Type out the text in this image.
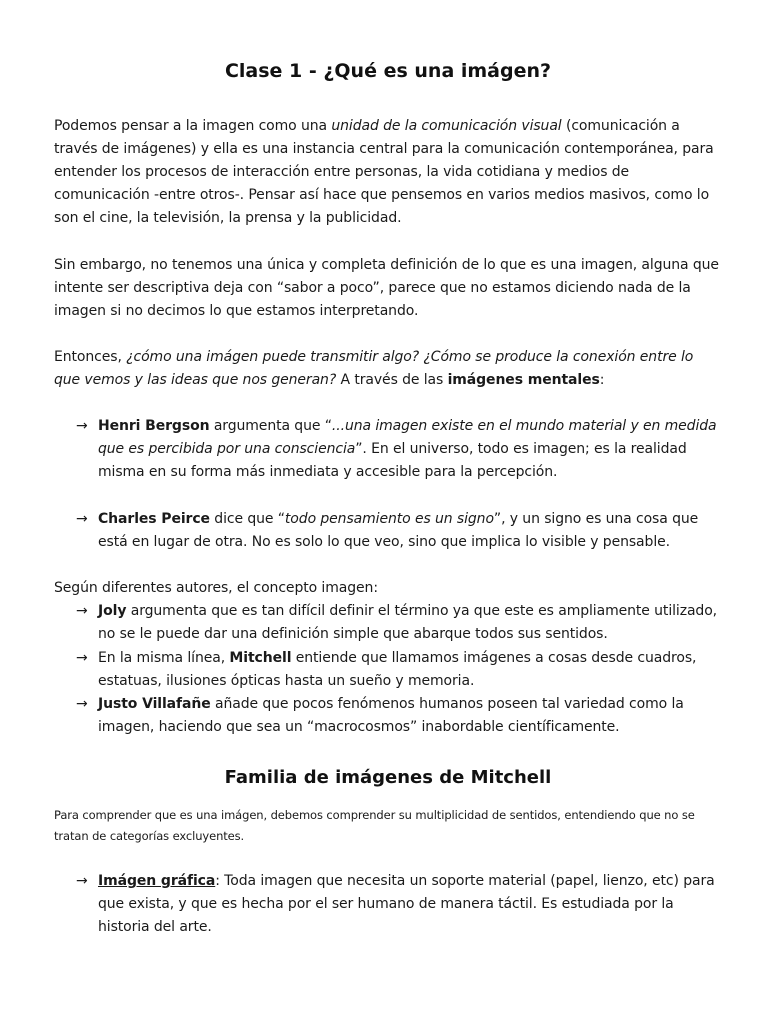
Clase 1 - ¿Qué es una imágen?

Podemos pensar a la imagen como una unidad de la comunicación visual (comunicación a través de imágenes) y ella es una instancia central para la comunicación contemporánea, para entender los procesos de interacción entre personas, la vida cotidiana y medios de comunicación -entre otros-. Pensar así hace que pensemos en varios medios masivos, como lo son el cine, la televisión, la prensa y la publicidad.

Sin embargo, no tenemos una única y completa definición de lo que es una imagen, alguna que intente ser descriptiva deja con “sabor a poco”, parece que no estamos diciendo nada de la imagen si no decimos lo que estamos interpretando.

Entonces, ¿cómo una imágen puede transmitir algo? ¿Cómo se produce la conexión entre lo que vemos y las ideas que nos generan? A través de las imágenes mentales:

→ Henri Bergson argumenta que “...una imagen existe en el mundo material y en medida que es percibida por una consciencia”. En el universo, todo es imagen; es la realidad misma en su forma más inmediata y accesible para la percepción.
→ Charles Peirce dice que “todo pensamiento es un signo”, y un signo es una cosa que está en lugar de otra. No es solo lo que veo, sino que implica lo visible y pensable.

Según diferentes autores, el concepto imagen:

→ Joly argumenta que es tan difícil definir el término ya que este es ampliamente utilizado, no se le puede dar una definición simple que abarque todos sus sentidos.
→ En la misma línea, Mitchell entiende que llamamos imágenes a cosas desde cuadros, estatuas, ilusiones ópticas hasta un sueño y memoria.
→ Justo Villafañe añade que pocos fenómenos humanos poseen tal variedad como la imagen, haciendo que sea un “macrocosmos” inabordable científicamente.
Familia de imágenes de Mitchell

Para comprender que es una imágen, debemos comprender su multiplicidad de sentidos, entendiendo que no se tratan de categorías excluyentes.

→ Imágen gráfica: Toda imagen que necesita un soporte material (papel, lienzo, etc) para que exista, y que es hecha por el ser humano de manera táctil. Es estudiada por la historia del arte.
